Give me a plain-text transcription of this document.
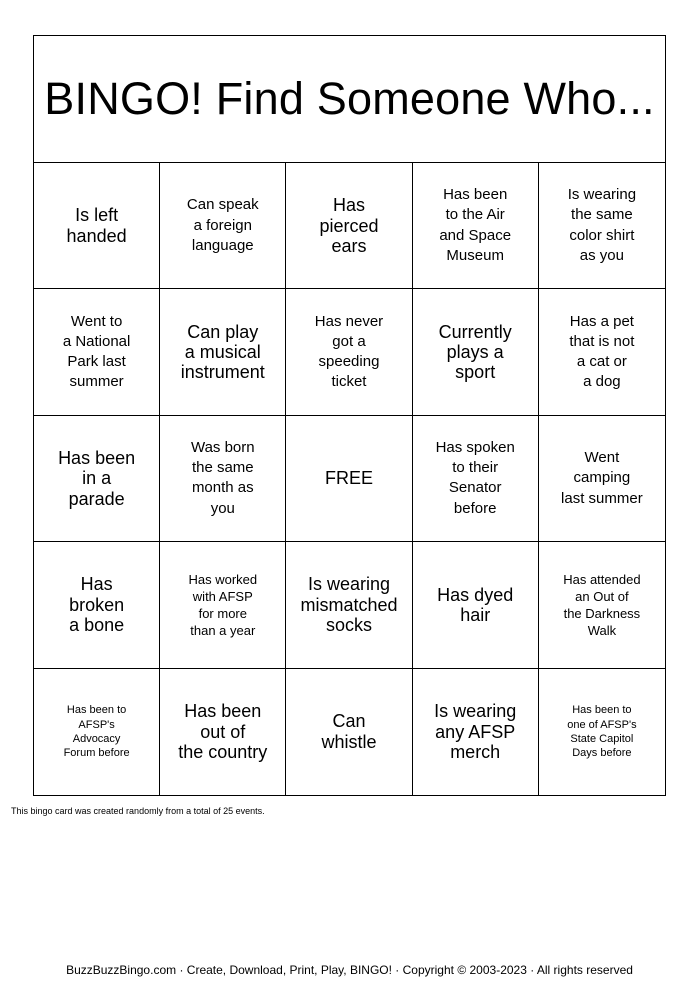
BINGO! Find Someone Who...
Is left
handed
Can speak
a foreign
language
Has
pierced
ears
Has been
to the Air
and Space
Museum
Is wearing
the same
color shirt
as you
Went to
a National
Park last
summer
Can play
a musical
instrument
Has never
got a
speeding
ticket
Currently
plays a
sport
Has a pet
that is not
a cat or
a dog
Has been
in a
parade
Was born
the same
month as
you
FREE
Has spoken
to their
Senator
before
Went
camping
last summer
Has
broken
a bone
Has worked
with AFSP
for more
than a year
Is wearing
mismatched
socks
Has dyed
hair
Has attended
an Out of
the Darkness
Walk
Has been to
AFSP's
Advocacy
Forum before
Has been
out of
the country
Can
whistle
Is wearing
any AFSP
merch
Has been to
one of AFSP's
State Capitol
Days before
This bingo card was created randomly from a total of 25 events.
BuzzBuzzBingo.com · Create, Download, Print, Play, BINGO! · Copyright © 2003-2023 · All rights reserved
